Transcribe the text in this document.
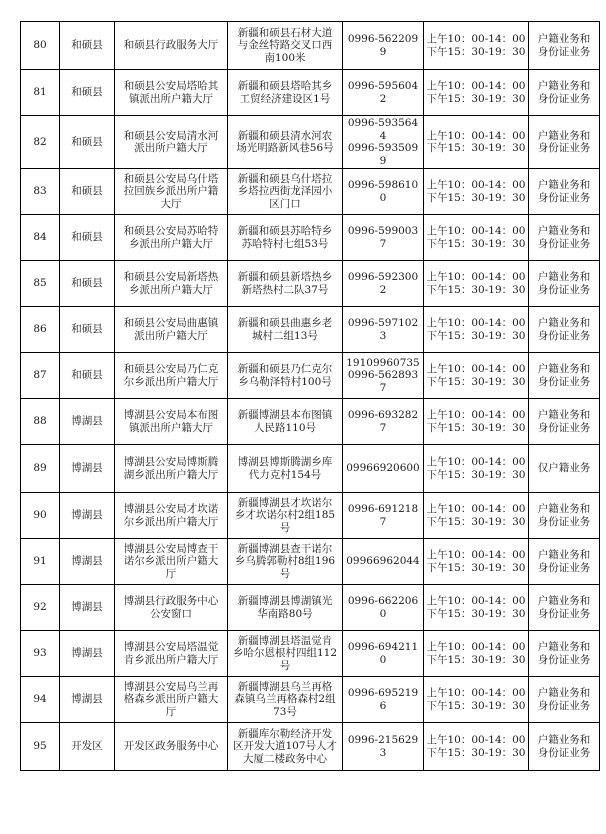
80	和硕县	和硕县行政服务大厅	新疆和硕县石材大道
与金丝特路交叉口西
南100米	0996-5622099	上午10：00-14：00
下午15：30-19：30	户籍业务和
身份证业务

81	和硕县	和硕县公安局塔哈其
镇派出所户籍大厅	新疆和硕县塔哈其乡
工贸经济建设区1号	0996-5956042	上午10：00-14：00
下午15：30-19：30	户籍业务和
身份证业务

82	和硕县	和硕县公安局清水河
派出所户籍大厅	新疆和硕县清水河农
场光明路新风巷56号	0996-5935644
0996-5935099	上午10：00-14：00
下午15：30-19：30	户籍业务和
身份证业务

83	和硕县	和硕县公安局乌什塔
拉回族乡派出所户籍
大厅	新疆和硕县乌什塔拉
乡塔拉西街龙泽园小
区门口	0996-5986100	上午10：00-14：00
下午15：30-19：30	户籍业务和
身份证业务

84	和硕县	和硕县公安局苏哈特
乡派出所户籍大厅	新疆和硕县苏哈特乡
苏哈特村七组53号	0996-5990037	上午10：00-14：00
下午15：30-19：30	户籍业务和
身份证业务

85	和硕县	和硕县公安局新塔热
乡派出所户籍大厅	新疆和硕县新塔热乡
新塔热村二队37号	0996-5923002	上午10：00-14：00
下午15：30-19：30	户籍业务和
身份证业务

86	和硕县	和硕县公安局曲惠镇
派出所户籍大厅	新疆和硕县曲惠乡老
城村二组13号	0996-5971023	上午10：00-14：00
下午15：30-19：30	户籍业务和
身份证业务

87	和硕县	和硕县公安局乃仁克
尔乡派出所户籍大厅	新疆和硕县乃仁克尔
乡乌勒泽特村100号	19109960735
0996-5628937	上午10：00-14：00
下午15：30-19：30	户籍业务和
身份证业务

88	博湖县	博湖县公安局本布图
镇派出所户籍大厅	新疆博湖县本布图镇
人民路110号	0996-6932827	上午10：00-14：00
下午15：30-19：30	户籍业务和
身份证业务

89	博湖县	博湖县公安局博斯腾
湖乡派出所户籍大厅	博湖县博斯腾湖乡库
代力克村154号	09966920600	上午10：00-14：00
下午15：30-19：30	仅户籍业务

90	博湖县	博湖县公安局才坎诺
尔乡派出所户籍大厅	新疆博湖县才坎诺尔
乡才坎诺尔村2组185
号	0996-6912187	上午10：00-14：00
下午15：30-19：30	户籍业务和
身份证业务

91	博湖县	博湖县公安局博查干
诺尔乡派出所户籍大
厅	新疆博湖县查干诺尔
乡乌腾郭勒村8组196
号	09966962044	上午10：00-14：00
下午15：30-19：30	户籍业务和
身份证业务

92	博湖县	博湖县行政服务中心
公安窗口	新疆博湖县博湖镇光
华南路80号	0996-6622060	上午10：00-14：00
下午15：30-19：30	户籍业务和
身份证业务

93	博湖县	博湖县公安局塔温觉
肯乡派出所户籍大厅	新疆博湖县塔温觉肯
乡哈尔恩根村四组112
号	0996-6942110	上午10：00-14：00
下午15：30-19：30	户籍业务和
身份证业务

94	博湖县	博湖县公安局乌兰再
格森乡派出所户籍大
厅	新疆博湖县乌兰再格
森镇乌兰再格森村2组
73号	0996-6952196	上午10：00-14：00
下午15：30-19：30	户籍业务和
身份证业务

95	开发区	开发区政务服务中心	新疆库尔勒经济开发
区开发大道107号人才
大厦二楼政务中心	0996-2156293	上午10：00-14：00
下午15：30-19：30	户籍业务和
身份证业务
